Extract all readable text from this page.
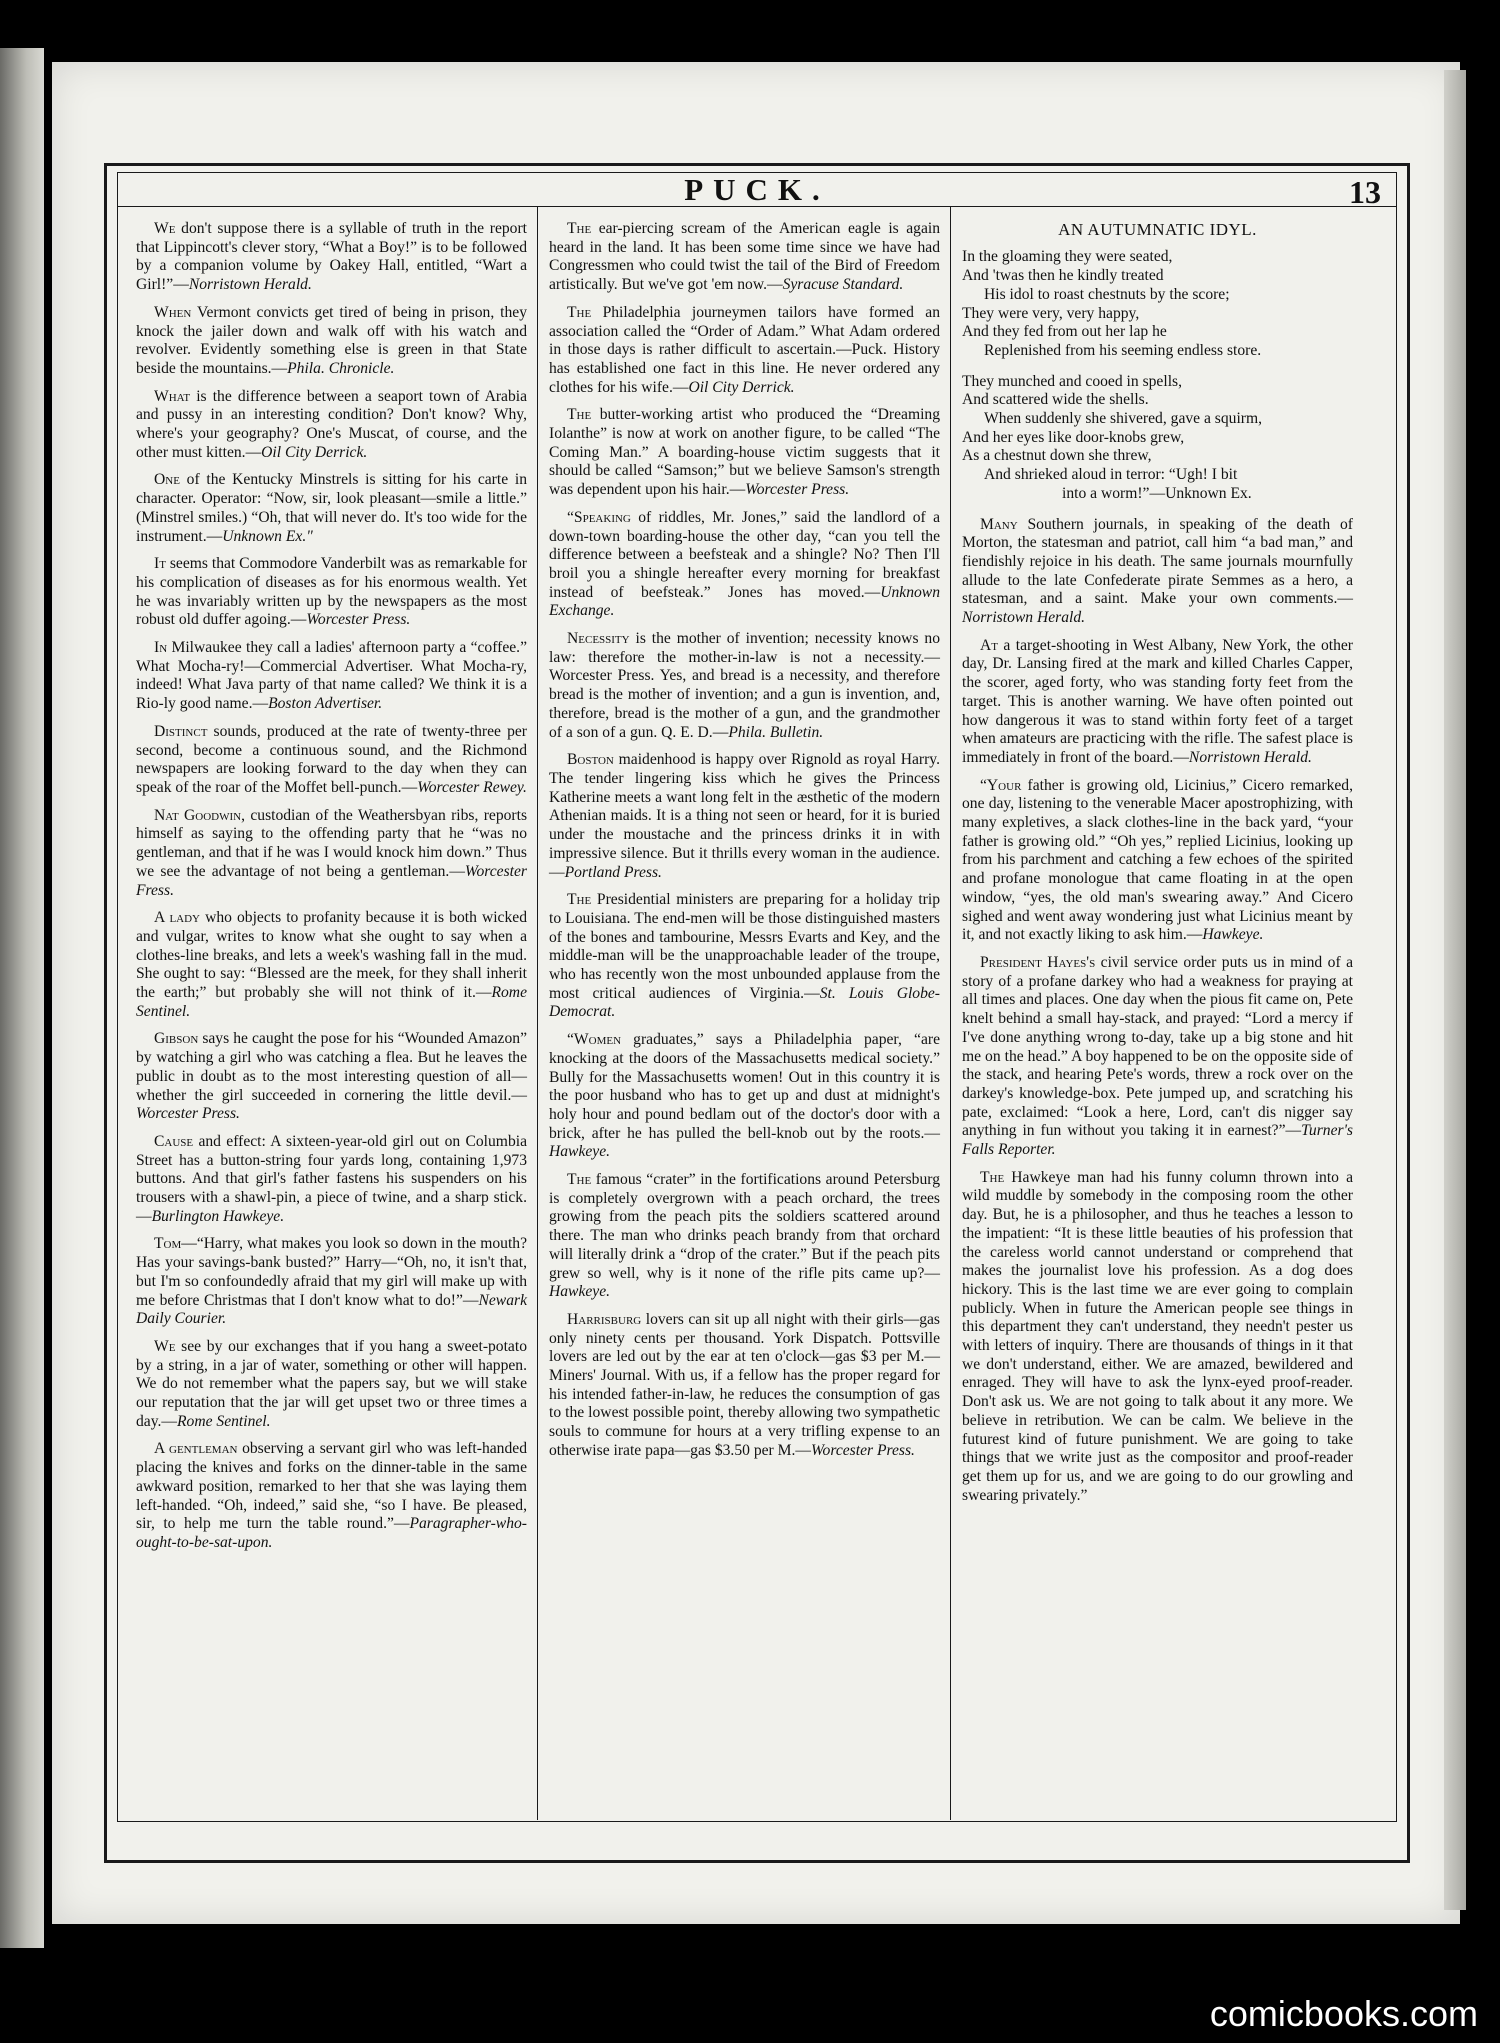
PUCK.	13

We don't suppose there is a syllable of truth in the report that Lippincott's clever story, “What a Boy!” is to be followed by a companion volume by Oakey Hall, entitled, “Wart a Girl!”—Norristown Herald.

When Vermont convicts get tired of being in prison, they knock the jailer down and walk off with his watch and revolver. Evidently something else is green in that State beside the mountains.—Phila. Chronicle.

What is the difference between a seaport town of Arabia and pussy in an interesting condition? Don't know? Why, where's your geography? One's Muscat, of course, and the other must kitten.—Oil City Derrick.

One of the Kentucky Minstrels is sitting for his carte in character. Operator: “Now, sir, look pleasant—smile a little.” (Minstrel smiles.) “Oh, that will never do. It's too wide for the instrument.—Unknown Ex."

It seems that Commodore Vanderbilt was as remarkable for his complication of diseases as for his enormous wealth. Yet he was invariably written up by the newspapers as the most robust old duffer agoing.—Worcester Press.

In Milwaukee they call a ladies' afternoon party a “coffee.” What Mocha-ry!—Commercial Advertiser. What Mocha-ry, indeed! What Java party of that name called? We think it is a Rio-ly good name.—Boston Advertiser.

Distinct sounds, produced at the rate of twenty-three per second, become a continuous sound, and the Richmond newspapers are looking forward to the day when they can speak of the roar of the Moffet bell-punch.—Worcester Rewey.

Nat Goodwin, custodian of the Weathersbyan ribs, reports himself as saying to the offending party that he “was no gentleman, and that if he was I would knock him down.” Thus we see the advantage of not being a gentleman.—Worcester Fress.

A lady who objects to profanity because it is both wicked and vulgar, writes to know what she ought to say when a clothes-line breaks, and lets a week's washing fall in the mud. She ought to say: “Blessed are the meek, for they shall inherit the earth;” but probably she will not think of it.—Rome Sentinel.

Gibson says he caught the pose for his “Wounded Amazon” by watching a girl who was catching a flea. But he leaves the public in doubt as to the most interesting question of all—whether the girl succeeded in cornering the little devil.—Worcester Press.

Cause and effect: A sixteen-year-old girl out on Columbia Street has a button-string four yards long, containing 1,973 buttons. And that girl's father fastens his suspenders on his trousers with a shawl-pin, a piece of twine, and a sharp stick.—Burlington Hawkeye.

Tom—“Harry, what makes you look so down in the mouth? Has your savings-bank busted?” Harry—“Oh, no, it isn't that, but I'm so confoundedly afraid that my girl will make up with me before Christmas that I don't know what to do!”—Newark Daily Courier.

We see by our exchanges that if you hang a sweet-potato by a string, in a jar of water, something or other will happen. We do not remember what the papers say, but we will stake our reputation that the jar will get upset two or three times a day.—Rome Sentinel.

A gentleman observing a servant girl who was left-handed placing the knives and forks on the dinner-table in the same awkward position, remarked to her that she was laying them left-handed. “Oh, indeed,” said she, “so I have. Be pleased, sir, to help me turn the table round.”—Paragrapher-who-ought-to-be-sat-upon.

The ear-piercing scream of the American eagle is again heard in the land. It has been some time since we have had Congressmen who could twist the tail of the Bird of Freedom artistically. But we've got 'em now.—Syracuse Standard.

The Philadelphia journeymen tailors have formed an association called the “Order of Adam.” What Adam ordered in those days is rather difficult to ascertain.—Puck. History has established one fact in this line. He never ordered any clothes for his wife.—Oil City Derrick.

The butter-working artist who produced the “Dreaming Iolanthe” is now at work on another figure, to be called “The Coming Man.” A boarding-house victim suggests that it should be called “Samson;” but we believe Samson's strength was dependent upon his hair.—Worcester Press.

“Speaking of riddles, Mr. Jones,” said the landlord of a down-town boarding-house the other day, “can you tell the difference between a beefsteak and a shingle? No? Then I'll broil you a shingle hereafter every morning for breakfast instead of beefsteak.” Jones has moved.—Unknown Exchange.

Necessity is the mother of invention; necessity knows no law: therefore the mother-in-law is not a necessity.—Worcester Press. Yes, and bread is a necessity, and therefore bread is the mother of invention; and a gun is invention, and, therefore, bread is the mother of a gun, and the grandmother of a son of a gun. Q. E. D.—Phila. Bulletin.

Boston maidenhood is happy over Rignold as royal Harry. The tender lingering kiss which he gives the Princess Katherine meets a want long felt in the æsthetic of the modern Athenian maids. It is a thing not seen or heard, for it is buried under the moustache and the princess drinks it in with impressive silence. But it thrills every woman in the audience.—Portland Press.

The Presidential ministers are preparing for a holiday trip to Louisiana. The end-men will be those distinguished masters of the bones and tambourine, Messrs Evarts and Key, and the middle-man will be the unapproachable leader of the troupe, who has recently won the most unbounded applause from the most critical audiences of Virginia.—St. Louis Globe-Democrat.

“Women graduates,” says a Philadelphia paper, “are knocking at the doors of the Massachusetts medical society.” Bully for the Massachusetts women! Out in this country it is the poor husband who has to get up and dust at midnight's holy hour and pound bedlam out of the doctor's door with a brick, after he has pulled the bell-knob out by the roots.—Hawkeye.

The famous “crater” in the fortifications around Petersburg is completely overgrown with a peach orchard, the trees growing from the peach pits the soldiers scattered around there. The man who drinks peach brandy from that orchard will literally drink a “drop of the crater.” But if the peach pits grew so well, why is it none of the rifle pits came up?—Hawkeye.

Harrisburg lovers can sit up all night with their girls—gas only ninety cents per thousand. York Dispatch. Pottsville lovers are led out by the ear at ten o'clock—gas $3 per M.—Miners' Journal. With us, if a fellow has the proper regard for his intended father-in-law, he reduces the consumption of gas to the lowest possible point, thereby allowing two sympathetic souls to commune for hours at a very trifling expense to an otherwise irate papa—gas $3.50 per M.—Worcester Press.

AN AUTUMNATIC IDYL.
In the gloaming they were seated,
And 'twas then he kindly treated
His idol to roast chestnuts by the score;
They were very, very happy,
And they fed from out her lap he
Replenished from his seeming endless store.
They munched and cooed in spells,
And scattered wide the shells.
When suddenly she shivered, gave a squirm,
And her eyes like door-knobs grew,
As a chestnut down she threw,
And shrieked aloud in terror: “Ugh! I bit
into a worm!”—Unknown Ex.

Many Southern journals, in speaking of the death of Morton, the statesman and patriot, call him “a bad man,” and fiendishly rejoice in his death. The same journals mournfully allude to the late Confederate pirate Semmes as a hero, a statesman, and a saint. Make your own comments.—Norristown Herald.

At a target-shooting in West Albany, New York, the other day, Dr. Lansing fired at the mark and killed Charles Capper, the scorer, aged forty, who was standing forty feet from the target. This is another warning. We have often pointed out how dangerous it was to stand within forty feet of a target when amateurs are practicing with the rifle. The safest place is immediately in front of the board.—Norristown Herald.

“Your father is growing old, Licinius,” Cicero remarked, one day, listening to the venerable Macer apostrophizing, with many expletives, a slack clothes-line in the back yard, “your father is growing old.” “Oh yes,” replied Licinius, looking up from his parchment and catching a few echoes of the spirited and profane monologue that came floating in at the open window, “yes, the old man's swearing away.” And Cicero sighed and went away wondering just what Licinius meant by it, and not exactly liking to ask him.—Hawkeye.

President Hayes's civil service order puts us in mind of a story of a profane darkey who had a weakness for praying at all times and places. One day when the pious fit came on, Pete knelt behind a small hay-stack, and prayed: “Lord a mercy if I've done anything wrong to-day, take up a big stone and hit me on the head.” A boy happened to be on the opposite side of the stack, and hearing Pete's words, threw a rock over on the darkey's knowledge-box. Pete jumped up, and scratching his pate, exclaimed: “Look a here, Lord, can't dis nigger say anything in fun without you taking it in earnest?”—Turner's Falls Reporter.

The Hawkeye man had his funny column thrown into a wild muddle by somebody in the composing room the other day. But, he is a philosopher, and thus he teaches a lesson to the impatient: “It is these little beauties of his profession that the careless world cannot understand or comprehend that makes the journalist love his profession. As a dog does hickory. This is the last time we are ever going to complain publicly. When in future the American people see things in this department they can't understand, they needn't pester us with letters of inquiry. There are thousands of things in it that we don't understand, either. We are amazed, bewildered and enraged. They will have to ask the lynx-eyed proof-reader. Don't ask us. We are not going to talk about it any more. We believe in retribution. We can be calm. We believe in the futurest kind of future punishment. We are going to take things that we write just as the compositor and proof-reader get them up for us, and we are going to do our growling and swearing privately.”

comicbooks.com
